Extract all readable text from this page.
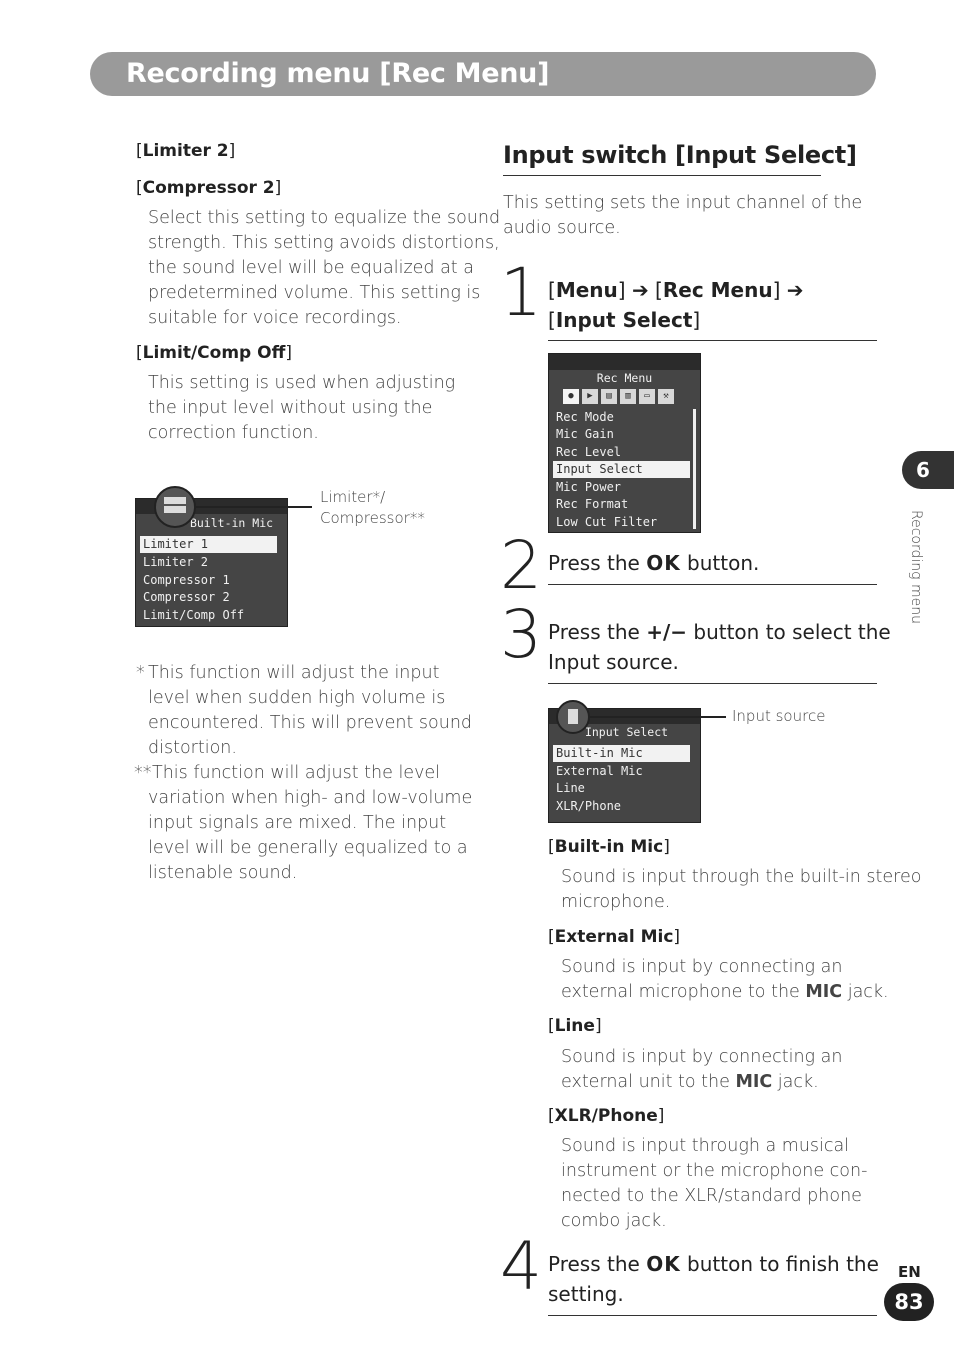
Recording menu [Rec Menu]
[Limiter 2]
[Compressor 2]
Select this setting to equalize the sound
strength. This setting avoids distortions,
the sound level will be equalized at a
predetermined volume. This setting is
suitable for voice recordings.
[Limit/Comp Off]
This setting is used when adjusting
the input level without using the
correction function.
Built-in Mic
Limiter 1
Limiter 2
Compressor 1
Compressor 2
Limit/Comp Off
Limiter*/
Compressor**
* This function will adjust the input
level when sudden high volume is
encountered. This will prevent sound
distortion.
** This function will adjust the level
variation when high- and low-volume
input signals are mixed. The input
level will be generally equalized to a
listenable sound.
Input switch [Input Select]
This setting sets the input channel of the
audio source.
1 [Menu] ➔ [Rec Menu] ➔
[Input Select]
Rec Menu
●	▶	▤	▥	▭	⚒
Rec Mode
Mic Gain
Rec Level
Input Select
Mic Power
Rec Format
Low Cut Filter
2 Press the OK button.
3 Press the +/− button to select the
Input source.
Input Select
Built-in Mic
External Mic
Line
XLR/Phone
Input source
[Built-in Mic]
Sound is input through the built-in stereo
microphone.
[External Mic]
Sound is input by connecting an
external microphone to the MIC jack.
[Line]
Sound is input by connecting an
external unit to the MIC jack.
[XLR/Phone]
Sound is input through a musical
instrument or the microphone con-
nected to the XLR/standard phone
combo jack.
4 Press the OK button to finish the
setting.
6
Recording menu
EN
83
